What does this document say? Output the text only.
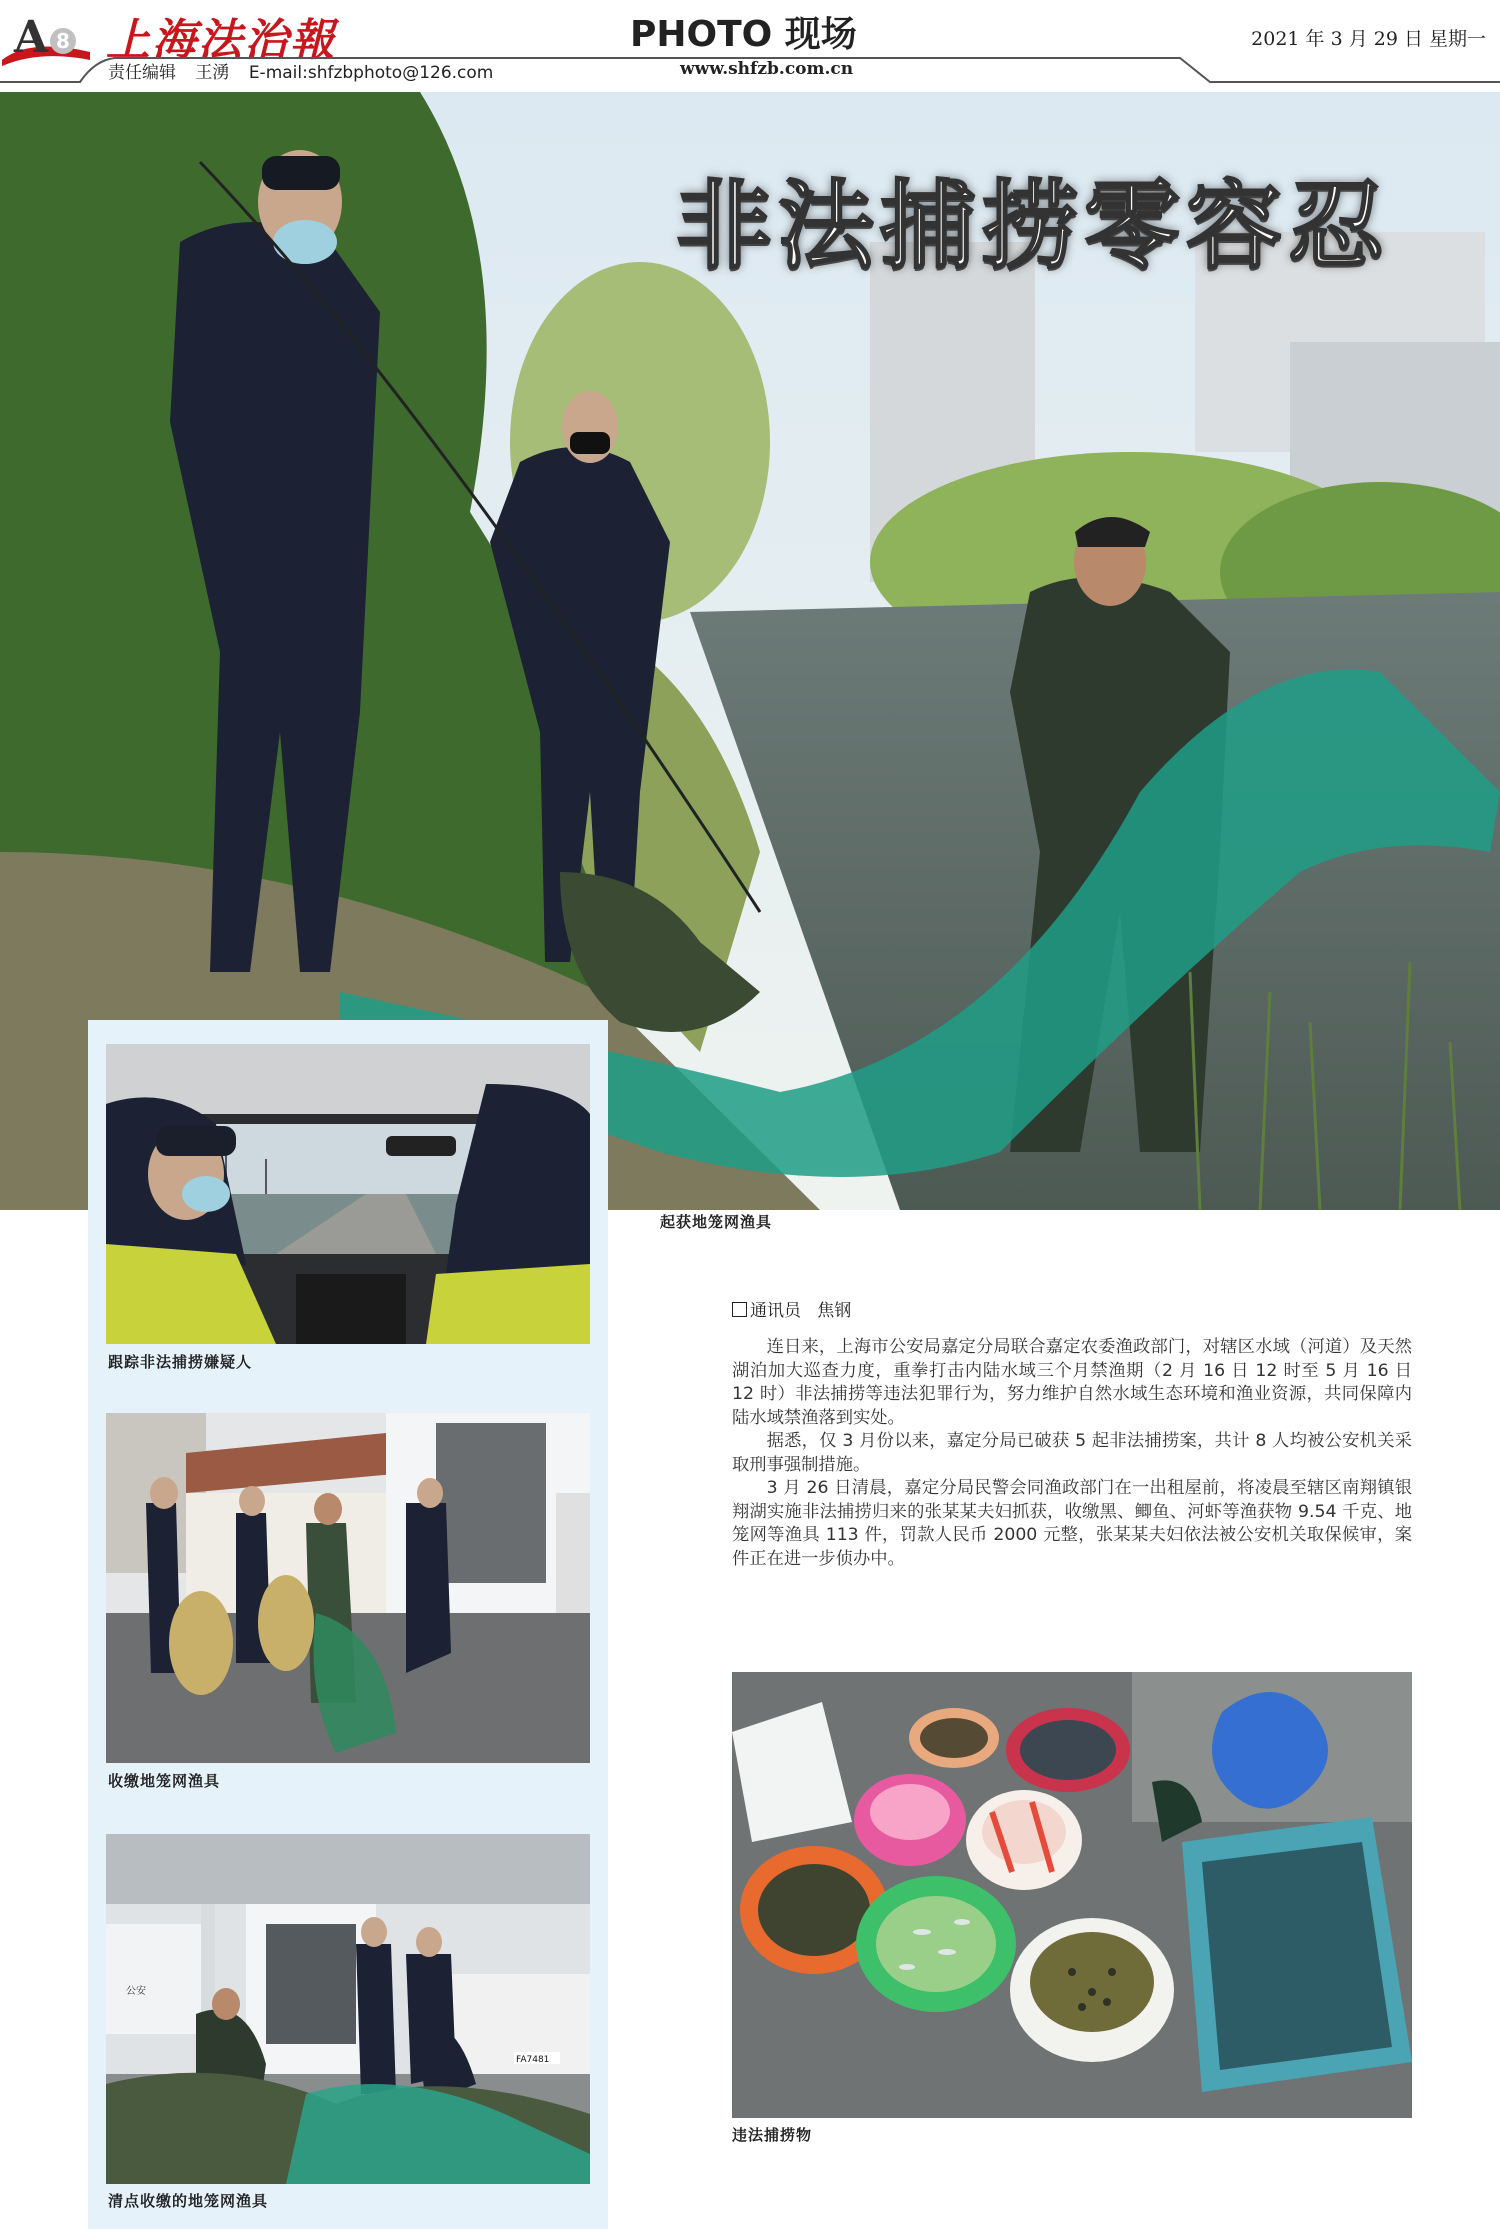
A 8 上海法治報
责任编辑 王湧 E-mail:shfzbphoto@126.com
PHOTO 现场
www.shfzb.com.cn
2021 年 3 月 29 日 星期一
非法捕捞零容忍
起获地笼网渔具
跟踪非法捕捞嫌疑人
收缴地笼网渔具
公安
FA7481
清点收缴的地笼网渔具
通讯员 焦钢

连日来，上海市公安局嘉定分局联合嘉定农委渔政部门，对辖区水域（河道）及天然湖泊加大巡查力度，重拳打击内陆水域三个月禁渔期（2 月 16 日 12 时至 5 月 16 日 12 时）非法捕捞等违法犯罪行为，努力维护自然水域生态环境和渔业资源，共同保障内陆水域禁渔落到实处。

据悉，仅 3 月份以来，嘉定分局已破获 5 起非法捕捞案，共计 8 人均被公安机关采取刑事强制措施。

3 月 26 日清晨，嘉定分局民警会同渔政部门在一出租屋前，将凌晨至辖区南翔镇银翔湖实施非法捕捞归来的张某某夫妇抓获，收缴黑、鲫鱼、河虾等渔获物 9.54 千克、地笼网等渔具 113 件，罚款人民币 2000 元整，张某某夫妇依法被公安机关取保候审，案件正在进一步侦办中。

违法捕捞物
